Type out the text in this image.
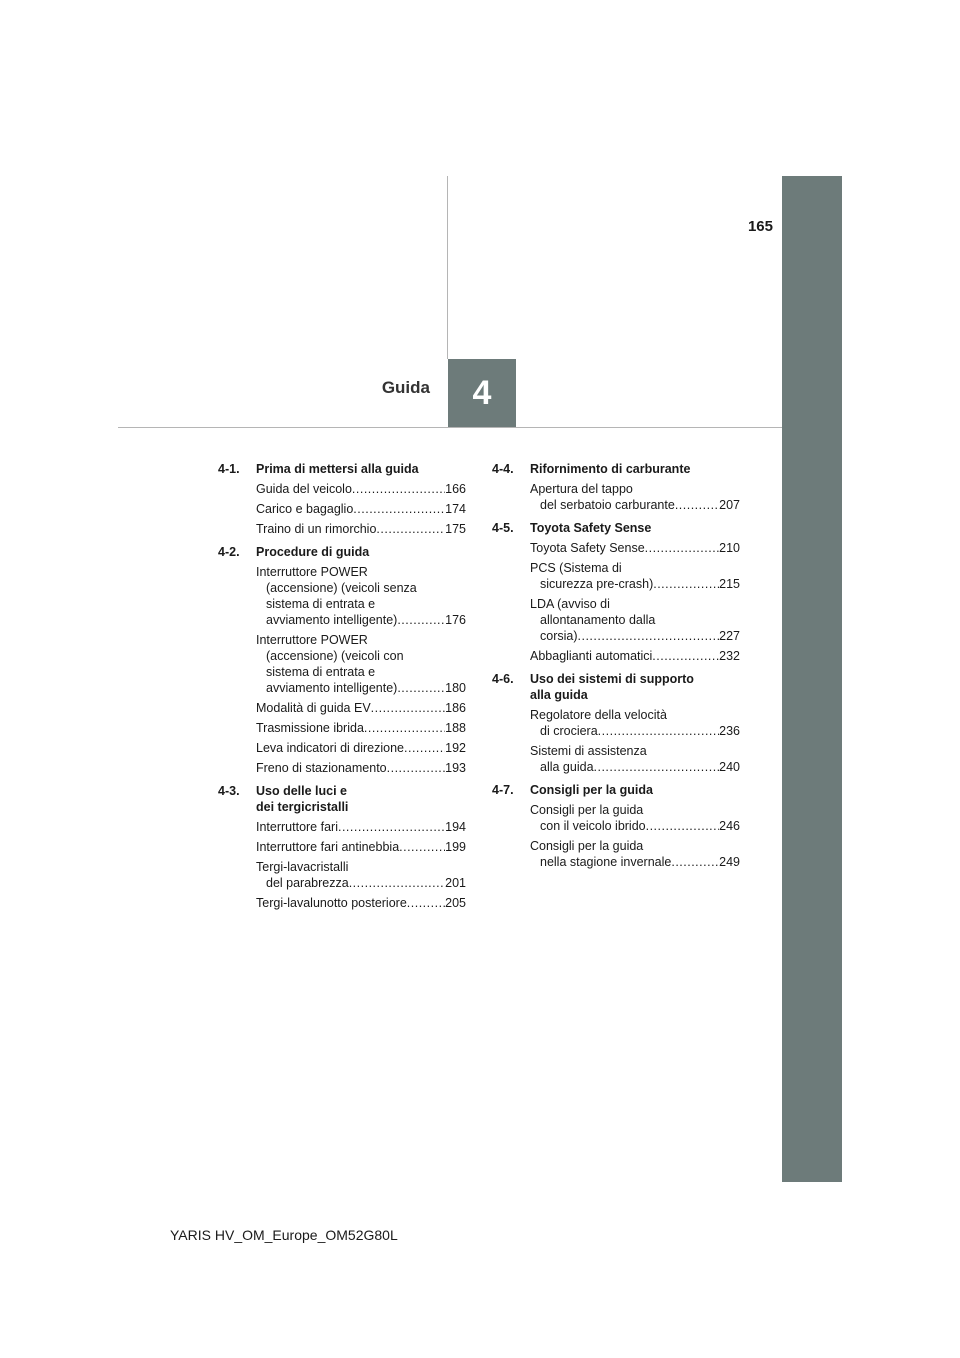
165
Guida 4
4-1.	Prima di mettersi alla guida
Guida del veicolo .....	166
Carico e bagaglio .....	174
Traino di un rimorchio .....	175
4-2.	Procedure di guida
Interruttore POWER
(accensione) (veicoli senza
sistema di entrata e
avviamento intelligente) .....	176
Interruttore POWER
(accensione) (veicoli con
sistema di entrata e
avviamento intelligente) .....	180
Modalità di guida EV .....	186
Trasmissione ibrida .....	188
Leva indicatori di direzione .....	192
Freno di stazionamento .....	193
4-3.	Uso delle luci e
dei tergicristalli
Interruttore fari .....	194
Interruttore fari antinebbia .....	199
Tergi-lavacristalli
del parabrezza .....	201
Tergi-lavalunotto posteriore .....	205
4-4.	Rifornimento di carburante
Apertura del tappo
del serbatoio carburante .....	207
4-5.	Toyota Safety Sense
Toyota Safety Sense .....	210
PCS (Sistema di
sicurezza pre-crash) .....	215
LDA (avviso di
allontanamento dalla
corsia) .....	227
Abbaglianti automatici .....	232
4-6.	Uso dei sistemi di supporto
alla guida
Regolatore della velocità
di crociera .....	236
Sistemi di assistenza
alla guida .....	240
4-7.	Consigli per la guida
Consigli per la guida
con il veicolo ibrido .....	246
Consigli per la guida
nella stagione invernale .....	249
YARIS HV_OM_Europe_OM52G80L
